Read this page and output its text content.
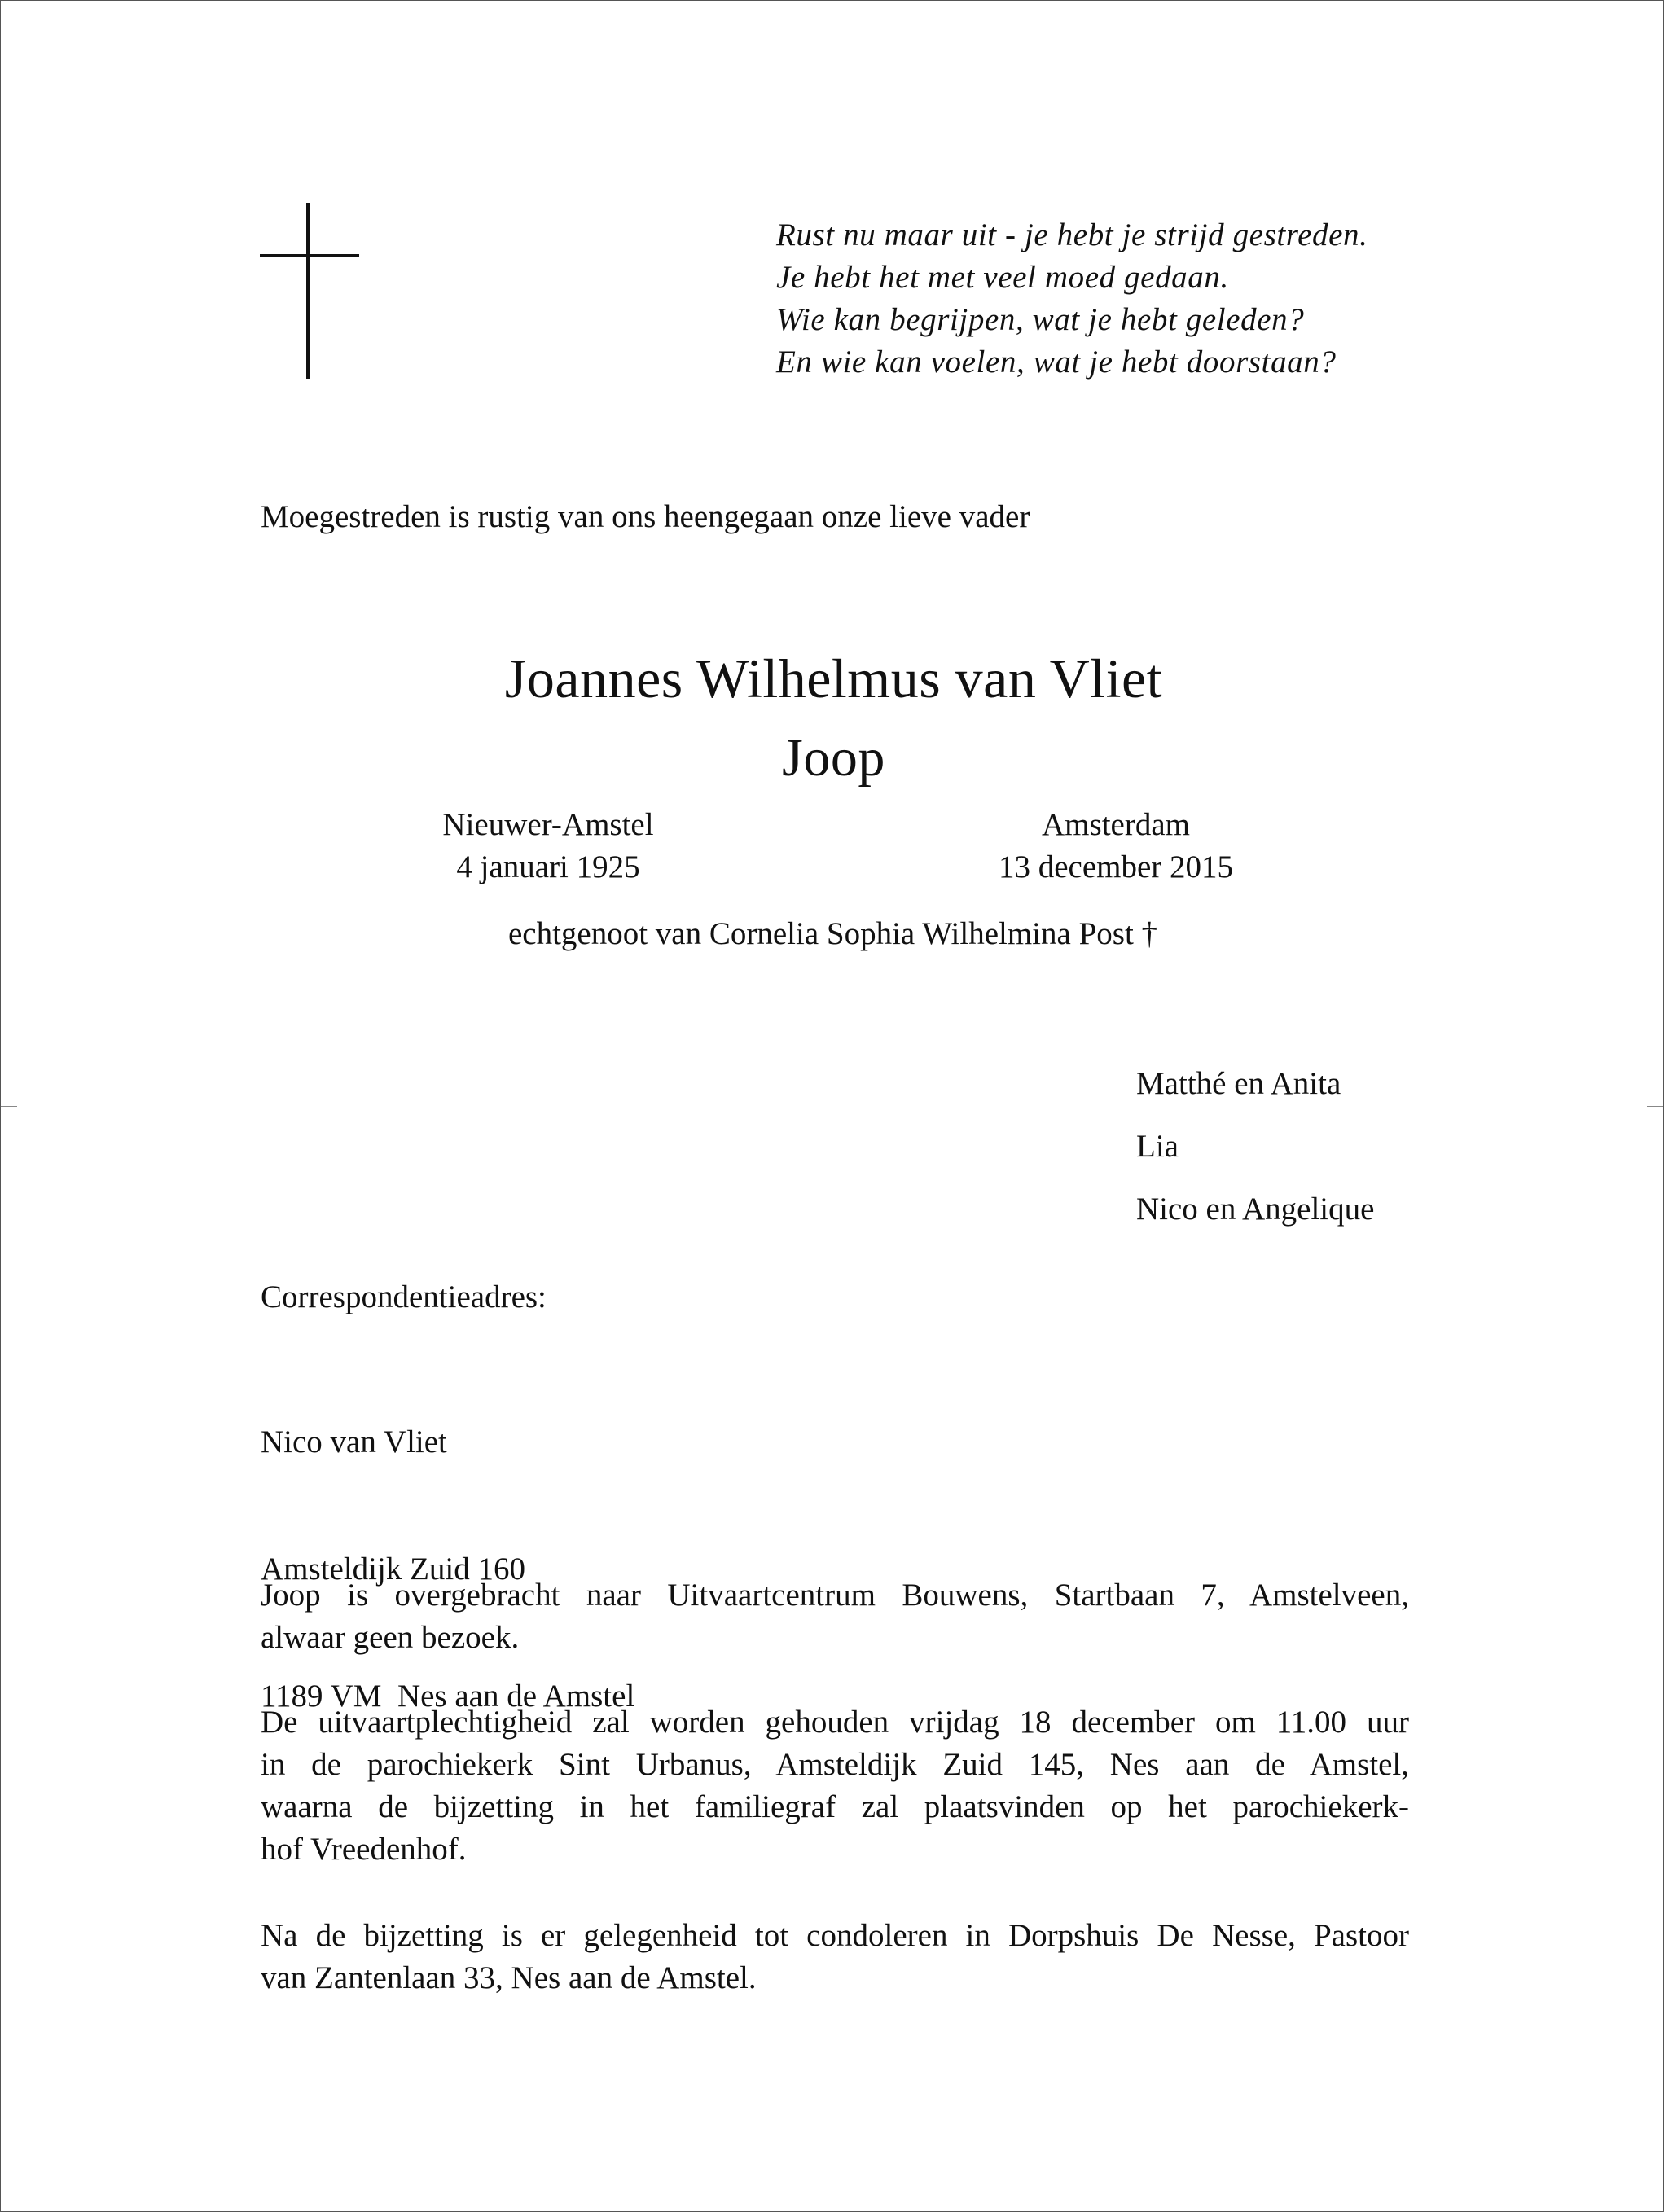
Rust nu maar uit - je hebt je strijd gestreden.
Je hebt het met veel moed gedaan.
Wie kan begrijpen, wat je hebt geleden?
En wie kan voelen, wat je hebt doorstaan?
Moegestreden is rustig van ons heengegaan onze lieve vader
Joannes Wilhelmus van Vliet
Joop
Nieuwer-Amstel
4 januari 1925
Amsterdam
13 december 2015
echtgenoot van Cornelia Sophia Wilhelmina Post †
Matthé en Anita
Lia
Nico en Angelique
Correspondentieadres:

Nico van Vliet

Amsteldijk Zuid 160

1189 VM  Nes aan de Amstel

Joop is overgebracht naar Uitvaartcentrum Bouwens, Startbaan 7, Amstelveen,
alwaar geen bezoek.
De uitvaartplechtigheid zal worden gehouden vrijdag 18 december om 11.00 uur
in de parochiekerk Sint Urbanus, Amsteldijk Zuid 145, Nes aan de Amstel,
waarna de bijzetting in het familiegraf zal plaatsvinden op het parochiekerk-
hof Vreedenhof.
Na de bijzetting is er gelegenheid tot condoleren in Dorpshuis De Nesse, Pastoor
van Zantenlaan 33, Nes aan de Amstel.
